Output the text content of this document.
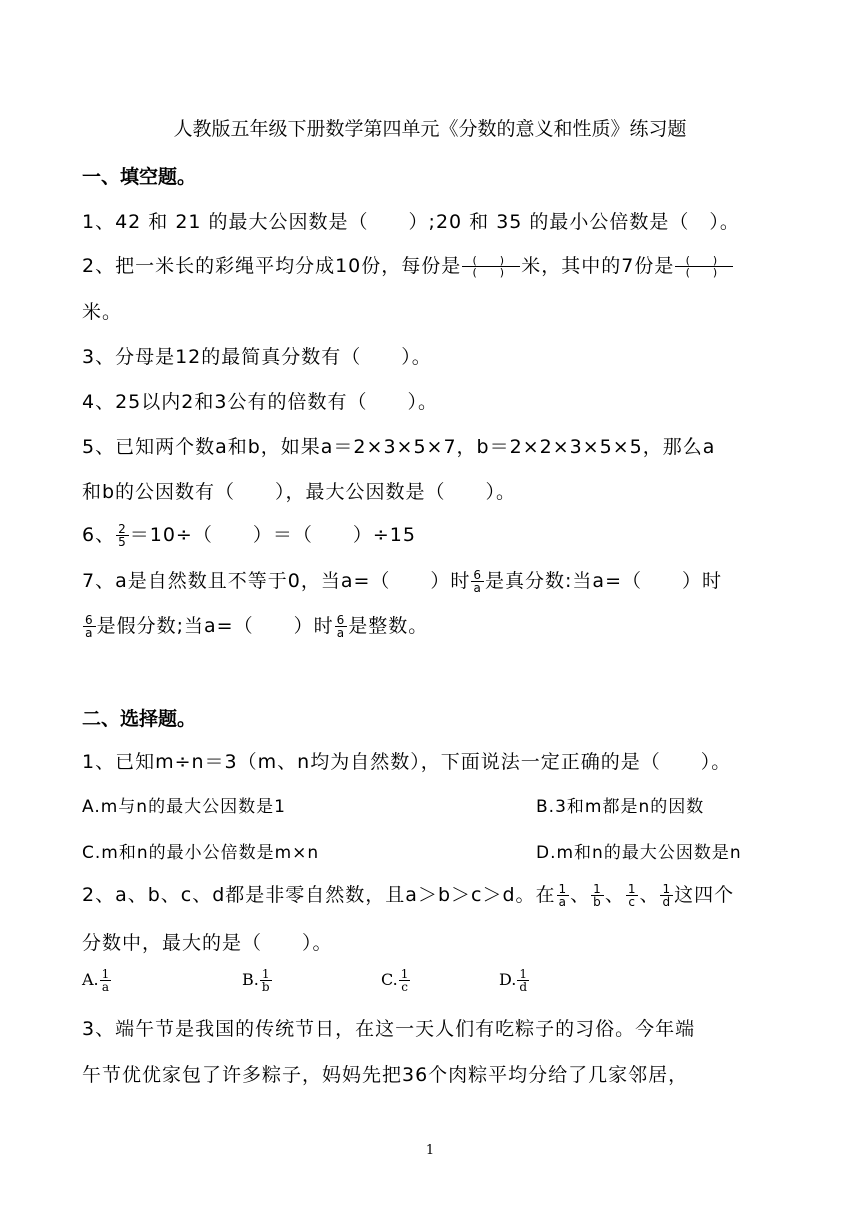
人教版五年级下册数学第四单元《分数的意义和性质》练习题
一、填空题。
1、42 和 21 的最大公因数是（　　）;20 和 35 的最小公倍数是（　）。
2、把一米长的彩绳平均分成10份，每份是 $\frac{( )}{( )}$ 米，其中的7份是 $\frac{( )}{( )}$
米。
3、分母是12的最简真分数有（　　）。
4、25以内2和3公有的倍数有（　　）。
5、已知两个数a和b，如果a＝2×3×5×7，b＝2×2×3×5×5，那么a
和b的公因数有（　　），最大公因数是（　　）。
6、 $\frac{2}{5} =10\div$（　　）＝（　　）÷15
7、a是自然数且不等于0，当a=（　　）时 $\frac{6}{a}$ 是真分数:当a=（　　）时
$\frac{6}{a}$ 是假分数;当a=（　　）时 $\frac{6}{a}$ 是整数。
二、选择题。
1、已知m÷n＝3（m、n均为自然数），下面说法一定正确的是（　　）。
A.m与n的最大公因数是1	B.3和m都是n的因数
C.m和n的最小公倍数是m×n	D.m和n的最大公因数是n
2、a、b、c、d都是非零自然数，且a＞b＞c＞d。在 $\frac{1}{a}$ 、 $\frac{1}{b}$ 、 $\frac{1}{c}$ 、 $\frac{1}{d}$ 这四个
分数中，最大的是（　　）。
A. $\frac{1}{a}$	B. $\frac{1}{b}$	C. $\frac{1}{c}$	D. $\frac{1}{d}$
3、端午节是我国的传统节日，在这一天人们有吃粽子的习俗。今年端
午节优优家包了许多粽子，妈妈先把36个肉粽平均分给了几家邻居，
1
